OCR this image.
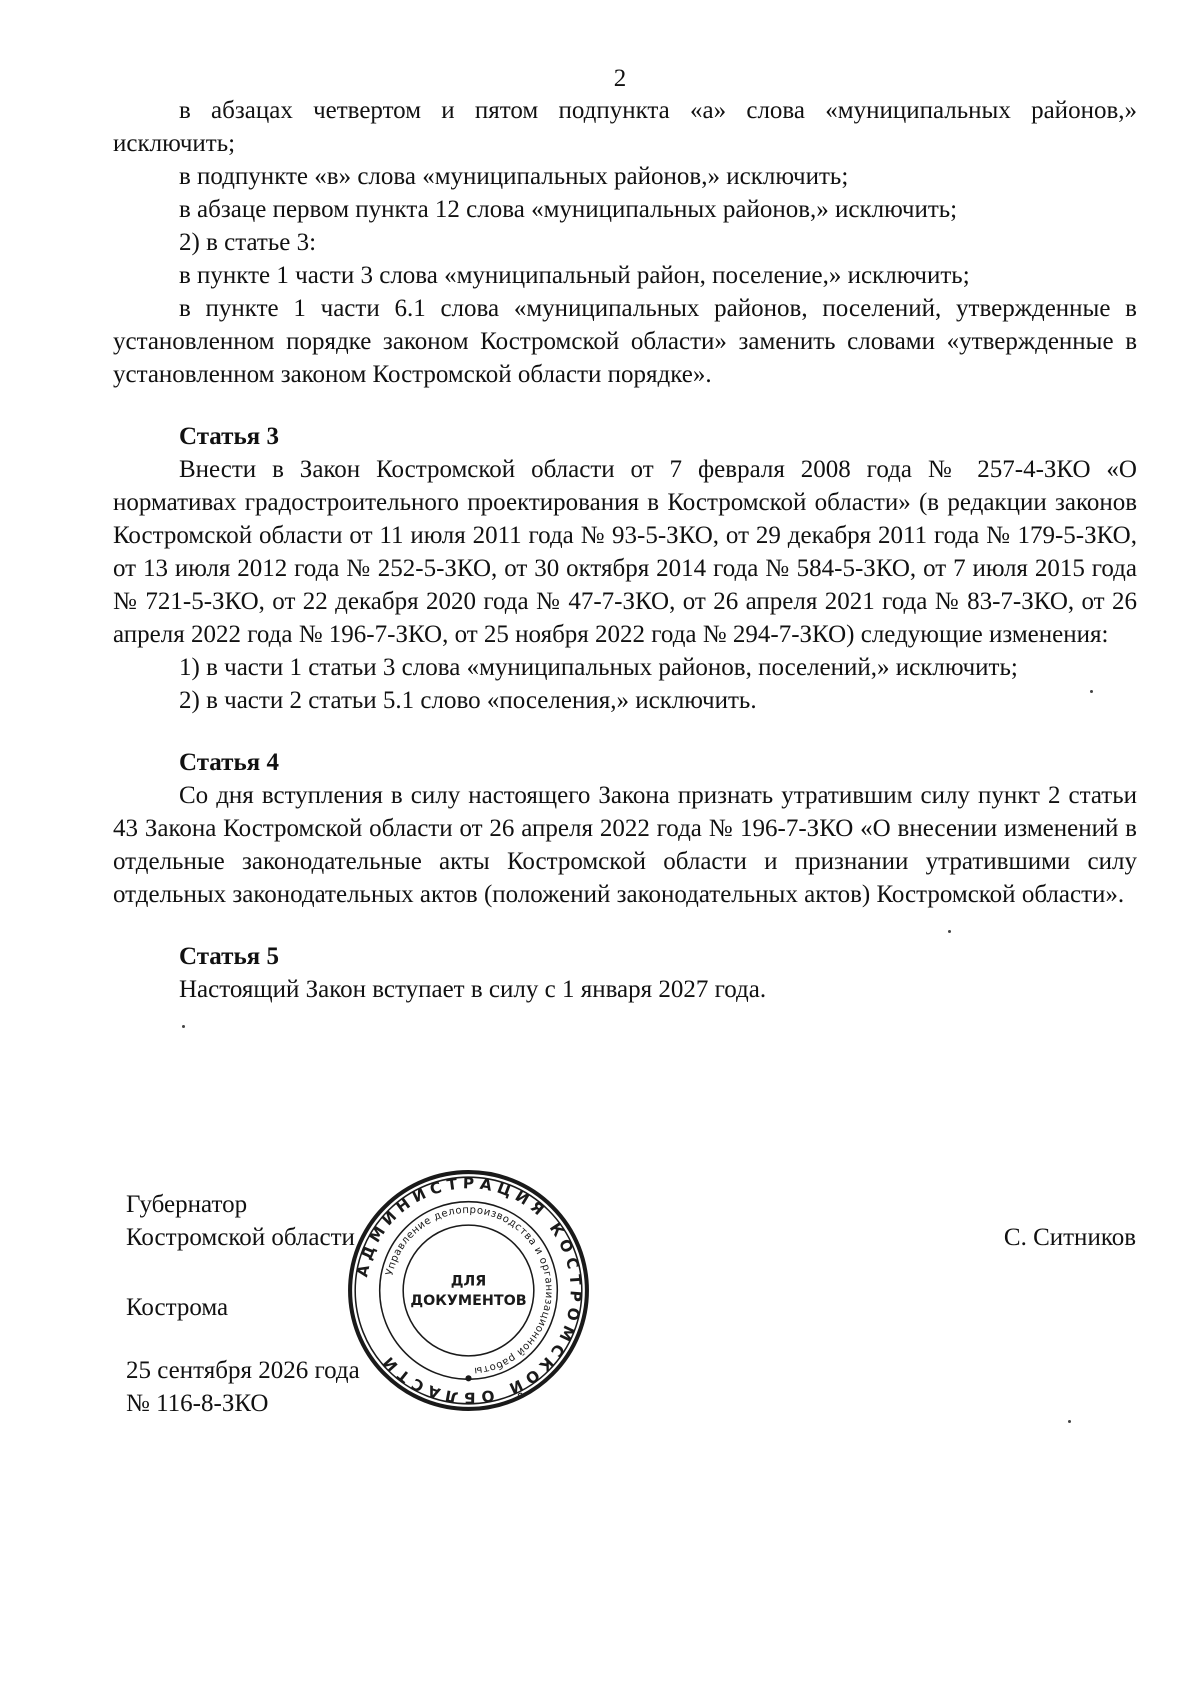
2

в абзацах четвертом и пятом подпункта «а» слова «муниципальных районов,» исключить;

в подпункте «в» слова «муниципальных районов,» исключить;

в абзаце первом пункта 12 слова «муниципальных районов,» исключить;

2) в статье 3:

в пункте 1 части 3 слова «муниципальный район, поселение,» исключить;

в пункте 1 части 6.1 слова «муниципальных районов, поселений, утвержденные в установленном порядке законом Костромской области» заменить словами «утвержденные в установленном законом Костромской области порядке».

Статья 3

Внести в Закон Костромской области от 7 февраля 2008 года № 257-4-ЗКО «О нормативах градостроительного проектирования в Костромской области» (в редакции законов Костромской области от 11 июля 2011 года № 93-5-ЗКО, от 29 декабря 2011 года № 179-5-ЗКО, от 13 июля 2012 года № 252-5-ЗКО, от 30 октября 2014 года № 584-5-ЗКО, от 7 июля 2015 года № 721-5-ЗКО, от 22 декабря 2020 года № 47-7-ЗКО, от 26 апреля 2021 года № 83-7-ЗКО, от 26 апреля 2022 года № 196-7-ЗКО, от 25 ноября 2022 года № 294-7-ЗКО) следующие изменения:

1) в части 1 статьи 3 слова «муниципальных районов, поселений,» исключить;

2) в части 2 статьи 5.1 слово «поселения,» исключить.

Статья 4

Со дня вступления в силу настоящего Закона признать утратившим силу пункт 2 статьи 43 Закона Костромской области от 26 апреля 2022 года № 196-7-ЗКО «О внесении изменений в отдельные законодательные акты Костромской области и признании утратившими силу отдельных законодательных актов (положений законодательных актов) Костромской области».

Статья 5

Настоящий Закон вступает в силу с 1 января 2027 года.

Губернатор
Костромской области	С. Ситников
Кострома
25 сентября 2026 года
№ 116-8-ЗКО
АДМИНИСТРАЦИЯ КОСТРОМСКОЙ ОБЛАСТИ
Управление делопроизводства и организационной работы
ДЛЯ
ДОКУМЕНТОВ
